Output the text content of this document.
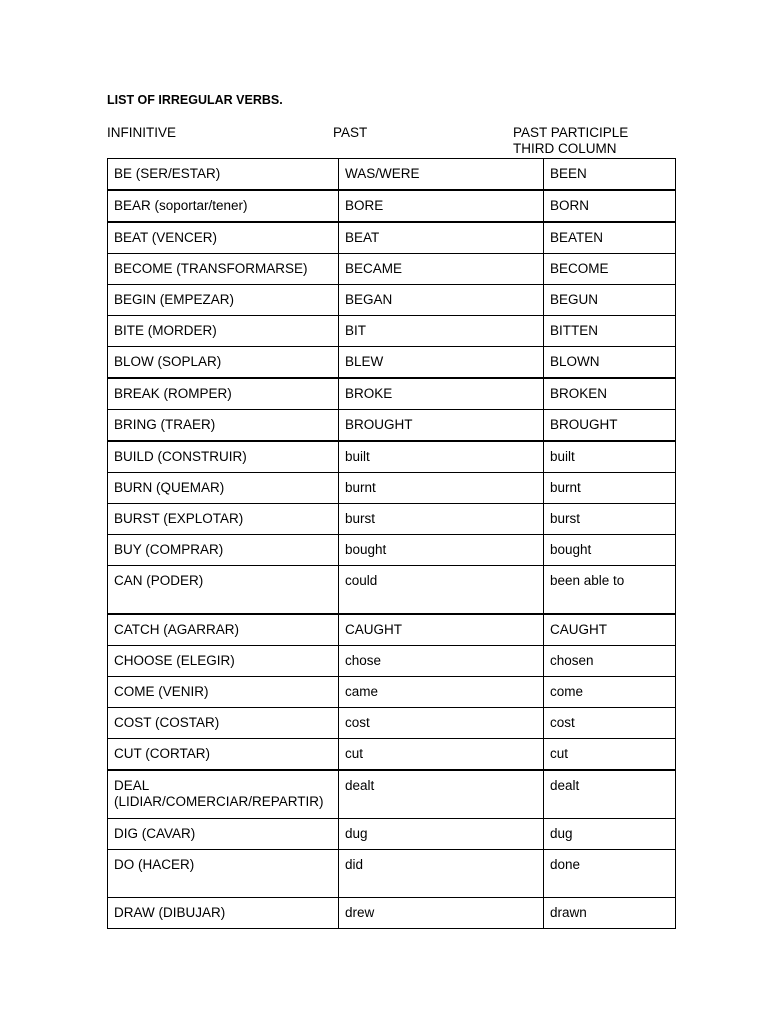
LIST OF IRREGULAR VERBS.
INFINITIVE	PAST	PAST PARTICIPLE
THIRD COLUMN
BE (SER/ESTAR)	WAS/WERE	BEEN
BEAR (soportar/tener)	BORE	BORN
BEAT (VENCER)	BEAT	BEATEN
BECOME (TRANSFORMARSE)	BECAME	BECOME
BEGIN (EMPEZAR)	BEGAN	BEGUN
BITE (MORDER)	BIT	BITTEN
BLOW (SOPLAR)	BLEW	BLOWN
BREAK (ROMPER)	BROKE	BROKEN
BRING (TRAER)	BROUGHT	BROUGHT
BUILD (CONSTRUIR)	built	built
BURN (QUEMAR)	burnt	burnt
BURST (EXPLOTAR)	burst	burst
BUY (COMPRAR)	bought	bought
CAN (PODER)	could	been able to
CATCH (AGARRAR)	CAUGHT	CAUGHT
CHOOSE (ELEGIR)	chose	chosen
COME (VENIR)	came	come
COST (COSTAR)	cost	cost
CUT (CORTAR)	cut	cut
DEAL (LIDIAR/COMERCIAR/REPARTIR)	dealt	dealt
DIG (CAVAR)	dug	dug
DO (HACER)	did	done
DRAW (DIBUJAR)	drew	drawn
